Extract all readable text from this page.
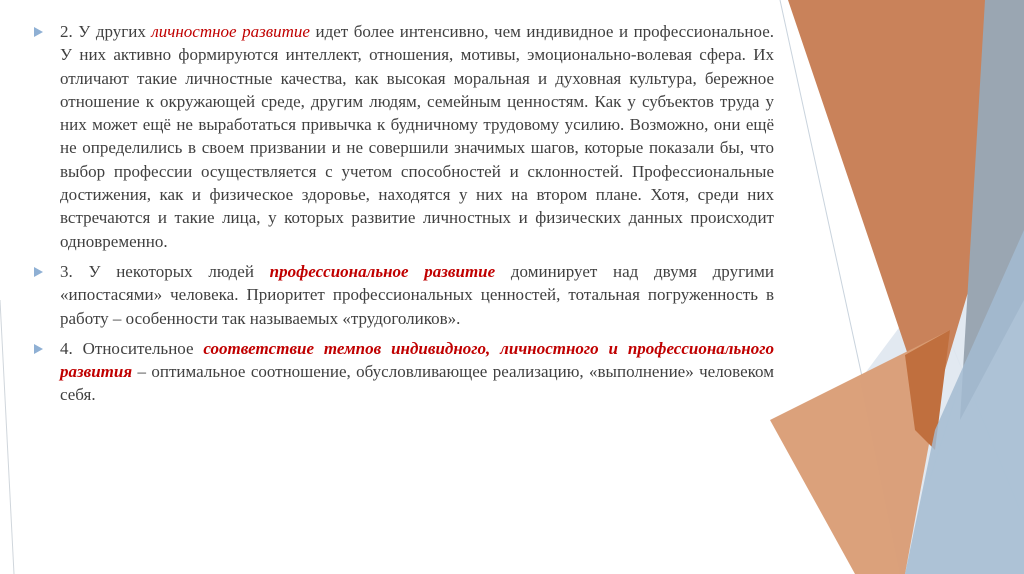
2. У других личностное развитие идет более интенсивно, чем индивидное и профессиональное. У них активно формируются интеллект, отношения, мотивы, эмоционально-волевая сфера. Их отличают такие личностные качества, как высокая моральная и духовная культура, бережное отношение к окружающей среде, другим людям, семейным ценностям. Как у субъектов труда у них может ещё не выработаться привычка к будничному трудовому усилию. Возможно, они ещё не определились в своем призвании и не совершили значимых шагов, которые показали бы, что выбор профессии осуществляется с учетом способностей и склонностей. Профессиональные достижения, как и физическое здоровье, находятся у них на втором плане. Хотя, среди них встречаются и такие лица, у которых развитие личностных и физических данных происходит одновременно.
3. У некоторых людей профессиональное развитие доминирует над двумя другими «ипостасями» человека. Приоритет профессиональных ценностей, тотальная погруженность в работу – особенности так называемых «трудоголиков».
4. Относительное соответствие темпов индивидного, личностного и профессионального развития – оптимальное соотношение, обусловливающее реализацию, «выполнение» человеком себя.
